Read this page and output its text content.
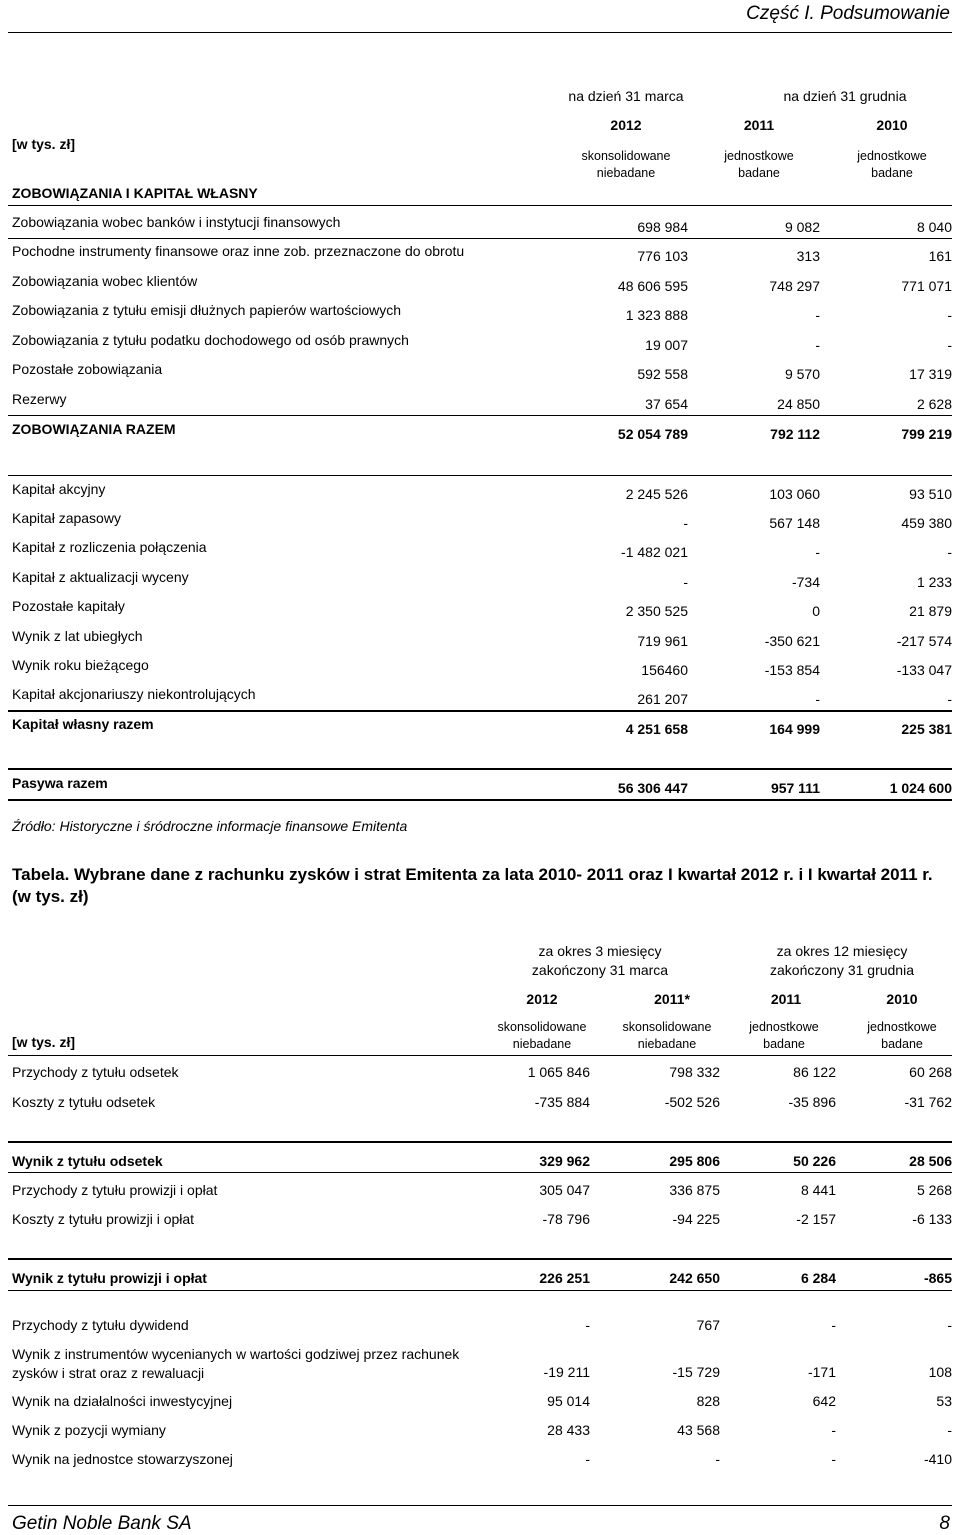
Część I. Podsumowanie
na dzień 31 marca	na dzień 31 grudnia
[w tys. zł]
2012	2011	2010
skonsolidowane
niebadane
jednostkowe
badane
jednostkowe
badane
ZOBOWIĄZANIA I KAPITAŁ WŁASNY
Zobowiązania wobec banków i instytucji finansowych	698 984	9 082	8 040
Pochodne instrumenty finansowe oraz inne zob. przeznaczone do obrotu	776 103	313	161
Zobowiązania wobec klientów	48 606 595	748 297	771 071
Zobowiązania z tytułu emisji dłużnych papierów wartościowych	1 323 888	-	-
Zobowiązania z tytułu podatku dochodowego od osób prawnych	19 007	-	-
Pozostałe zobowiązania	592 558	9 570	17 319
Rezerwy	37 654	24 850	2 628
ZOBOWIĄZANIA RAZEM	52 054 789	792 112	799 219
Kapitał akcyjny	2 245 526	103 060	93 510
Kapitał zapasowy	-	567 148	459 380
Kapitał z rozliczenia połączenia	-1 482 021	-	-
Kapitał z aktualizacji wyceny	-	-734	1 233
Pozostałe kapitały	2 350 525	0	21 879
Wynik z lat ubiegłych	719 961	-350 621	-217 574
Wynik roku bieżącego	156460	-153 854	-133 047
Kapitał akcjonariuszy niekontrolujących	261 207	-	-
Kapitał własny razem	4 251 658	164 999	225 381
Pasywa razem	56 306 447	957 111	1 024 600
Źródło: Historyczne i śródroczne informacje finansowe Emitenta
Tabela. Wybrane dane z rachunku zysków i strat Emitenta za lata 2010- 2011 oraz I kwartał 2012 r. i I kwartał 2011 r. (w tys. zł)
za okres 3 miesięcy
zakończony 31 marca
za okres 12 miesięcy
zakończony 31 grudnia
2012	2011*	2011	2010
[w tys. zł]
skonsolidowane
niebadane
skonsolidowane
niebadane
jednostkowe
badane
jednostkowe
badane
Przychody z tytułu odsetek	1 065 846	798 332	86 122	60 268
Koszty z tytułu odsetek	-735 884	-502 526	-35 896	-31 762
Wynik z tytułu odsetek	329 962	295 806	50 226	28 506
Przychody z tytułu prowizji i opłat	305 047	336 875	8 441	5 268
Koszty z tytułu prowizji i opłat	-78 796	-94 225	-2 157	-6 133
Wynik z tytułu prowizji i opłat	226 251	242 650	6 284	-865
Przychody z tytułu dywidend	-	767	-	-
Wynik z instrumentów wycenianych w wartości godziwej przez rachunek
zysków i strat oraz z rewaluacji	-19 211	-15 729	-171	108
Wynik na działalności inwestycyjnej	95 014	828	642	53
Wynik z pozycji wymiany	28 433	43 568	-	-
Wynik na jednostce stowarzyszonej	-	-	-	-410
Getin Noble Bank SA	8
